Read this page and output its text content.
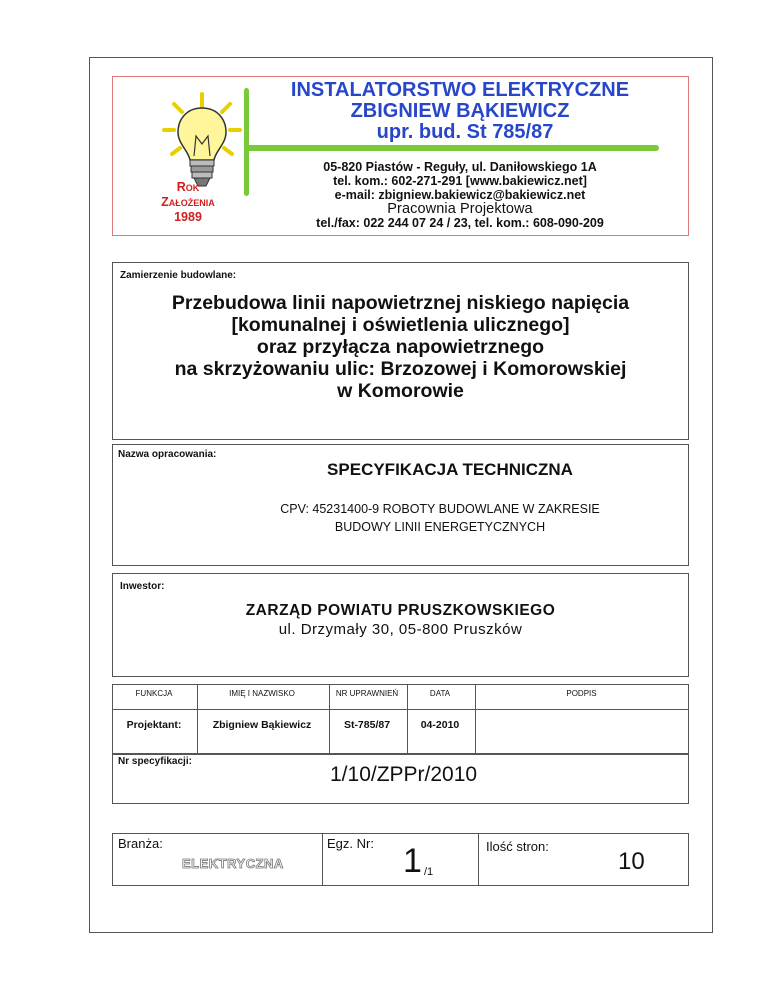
INSTALATORSTWO ELEKTRYCZNE
ZBIGNIEW BĄKIEWICZ
upr. bud. St 785/87
Rok
Założenia
1989
05-820 Piastów - Reguły, ul. Daniłowskiego 1A
tel. kom.: 602-271-291 [www.bakiewicz.net]
e-mail: zbigniew.bakiewicz@bakiewicz.net
Pracownia Projektowa
tel./fax: 022 244 07 24 / 23, tel. kom.: 608-090-209
Zamierzenie budowlane:
Przebudowa linii napowietrznej niskiego napięcia
[komunalnej i oświetlenia ulicznego]
oraz przyłącza napowietrznego
na skrzyżowaniu ulic: Brzozowej i Komorowskiej
w Komorowie
Nazwa opracowania:
SPECYFIKACJA TECHNICZNA
CPV: 45231400-9 ROBOTY BUDOWLANE W ZAKRESIE
BUDOWY LINII ENERGETYCZNYCH
Inwestor:
ZARZĄD POWIATU PRUSZKOWSKIEGO
ul. Drzymały 30, 05-800 Pruszków
FUNKCJA	IMIĘ I NAZWISKO	NR UPRAWNIEŃ	DATA	PODPIS
Projektant:	Zbigniew Bąkiewicz	St-785/87	04-2010
Nr specyfikacji:
1/10/ZPPr/2010
Branża:
ELEKTRYCZNA
Egz. Nr: 1 /1
Ilość stron:
10
